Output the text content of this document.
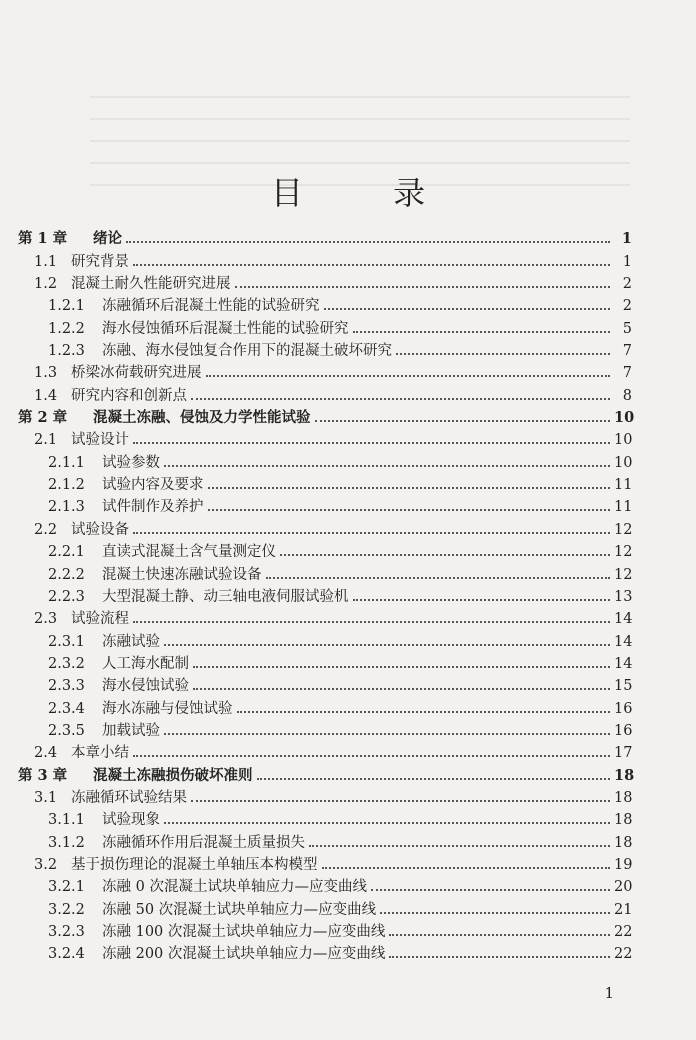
目 录
第 1 章	绪论	1
1.1 研究背景	1
1.2 混凝土耐久性能研究进展	2
1.2.1	冻融循环后混凝土性能的试验研究	2
1.2.2	海水侵蚀循环后混凝土性能的试验研究	5
1.2.3	冻融、海水侵蚀复合作用下的混凝土破坏研究	7
1.3 桥梁冰荷载研究进展	7
1.4 研究内容和创新点	8
第 2 章	混凝土冻融、侵蚀及力学性能试验	10
2.1 试验设计	10
2.1.1	试验参数	10
2.1.2	试验内容及要求	11
2.1.3	试件制作及养护	11
2.2 试验设备	12
2.2.1	直读式混凝土含气量测定仪	12
2.2.2	混凝土快速冻融试验设备	12
2.2.3	大型混凝土静、动三轴电液伺服试验机	13
2.3 试验流程	14
2.3.1	冻融试验	14
2.3.2	人工海水配制	14
2.3.3	海水侵蚀试验	15
2.3.4	海水冻融与侵蚀试验	16
2.3.5	加载试验	16
2.4 本章小结	17
第 3 章	混凝土冻融损伤破坏准则	18
3.1 冻融循环试验结果	18
3.1.1	试验现象	18
3.1.2	冻融循环作用后混凝土质量损失	18
3.2 基于损伤理论的混凝土单轴压本构模型	19
3.2.1	冻融 0 次混凝土试块单轴应力—应变曲线	20
3.2.2	冻融 50 次混凝土试块单轴应力—应变曲线	21
3.2.3	冻融 100 次混凝土试块单轴应力—应变曲线	22
3.2.4	冻融 200 次混凝土试块单轴应力—应变曲线	22
1
